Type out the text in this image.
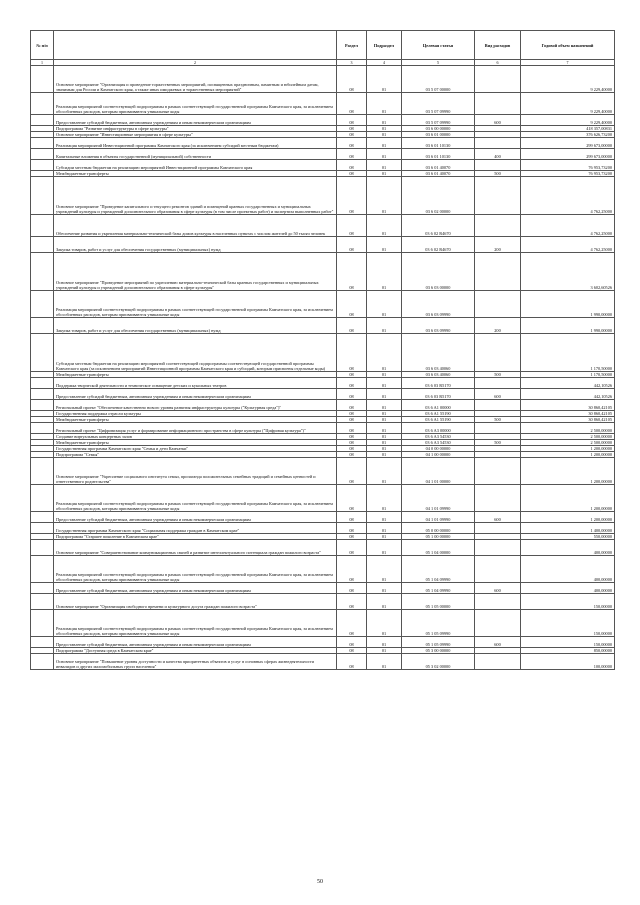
№ п/п		Раздел	Подраздел	Целевая статья	Вид расходов	Годовой объем назначений
1	2	3	4	5	6	7
	Основное мероприятие "Организация и проведение торжественных мероприятий, посвященных праздничным, памятным и юбилейным датам, значимым для России и Камчатского края, а также иных имиджевых и торжественных мероприятий"	08	01	03 5 07 00000		9 229,40000
	Реализация мероприятий соответствующей подпрограммы в рамках соответствующей государственной программы Камчатского края, за исключением обособленных расходов, которым присваиваются уникальные коды	08	01	03 5 07 09990		9 229,40000
	Предоставление субсидий бюджетным, автономным учреждениям и иным некоммерческим организациям	08	01	03 5 07 09990	600	9 229,40000
	Подпрограмма "Развитие инфраструктуры в сфере культуры"	08	01	03 6 00 00000		418 357,00831
	Основное мероприятие "Инвестиционные мероприятия в сфере культуры"	08	01	03 6 01 00000		376 626,73200
	Реализация мероприятий Инвестиционной программы Камчатского края (за исключением субсидий местным бюджетам)	08	01	03 6 01 10130		299 673,00000
	Капитальные вложения в объекты государственной (муниципальной) собственности	08	01	03 6 01 10130	400	299 673,00000
	Субсидии местным бюджетам на реализацию мероприятий Инвестиционной программы Камчатского края	08	01	03 6 01 40070		76 953,73200
	Межбюджетные трансферты	08	01	03 6 01 40070	500	76 953,73200
	Основное мероприятие "Проведение капитального и текущего ремонтов зданий и помещений краевых государственных и муниципальных учреждений культуры и учреждений дополнительного образования в сфере культуры (в том числе проектных работ) и экспертиза выполненных работ"	08	01	03 6 02 00000		4 762,25000
	Обеспечение развития и укрепления материально-технической базы домов культуры в населенных пунктах с числом жителей до 50 тысяч человек	08	01	03 6 02 R4670		4 762,25000
	Закупка товаров, работ и услуг для обеспечения государственных (муниципальных) нужд	08	01	03 6 02 R4670	200	4 762,25000
	Основное мероприятие "Проведение мероприятий по укреплению материально-технической базы краевых государственных и муниципальных учреждений культуры и учреждений дополнительного образования в сфере культуры"	08	01	03 6 03 00000		3 602,60526
	Реализация мероприятий соответствующей подпрограммы в рамках соответствующей государственной программы Камчатского края, за исключением обособленных расходов, которым присваиваются уникальные коды	08	01	03 6 03 09990		1 990,00000
	Закупка товаров, работ и услуг для обеспечения государственных (муниципальных) нужд	08	01	03 6 03 09990	200	1 990,00000
	Субсидии местным бюджетам на реализацию мероприятий соответствующей подпрограммы соответствующей государственной программы Камчатского края (за исключением мероприятий Инвестиционной программы Камчатского края и субсидий, которым присвоены отдельные коды)	08	01	03 6 03 40060		1 170,50000
	Межбюджетные трансферты	08	01	03 6 03 40060	500	1 170,50000
	Поддержка творческой деятельности и техническое оснащение детских и кукольных театров	08	01	03 6 03 R5170		442,10526
	Предоставление субсидий бюджетным, автономным учреждениям и иным некоммерческим организациям	08	01	03 6 03 R5170	600	442,10526
	Региональный проект "Обеспечение качественно нового уровня развития инфраструктуры культуры ("Культурная среда")"	08	01	03 6 A1 00000		30 860,42105
	Государственная поддержка отрасли культуры	08	01	03 6 A1 55190		30 860,42105
	Межбюджетные трансферты	08	01	03 6 A1 55190	500	30 860,42105
	Региональный проект "Цифровизация услуг и формирование информационного пространства в сфере культуры ("Цифровая культура")"	08	01	03 6 A3 00000		2 500,00000
	Создание виртуальных концертных залов	08	01	03 6 A3 54530		2 500,00000
	Межбюджетные трансферты	08	01	03 6 A3 54530	500	2 500,00000
	Государственная программа Камчатского края "Семья и дети Камчатки"	08	01	04 0 00 00000		1 200,00000
	Подпрограмма "Семья"	08	01	04 1 00 00000		1 200,00000
	Основное мероприятие "Укрепление социального института семьи, пропаганда положительных семейных традиций и семейных ценностей и ответственного родительства"	08	01	04 1 01 00000		1 200,00000
	Реализация мероприятий соответствующей подпрограммы в рамках соответствующей государственной программы Камчатского края, за исключением обособленных расходов, которым присваиваются уникальные коды	08	01	04 1 01 09990		1 200,00000
	Предоставление субсидий бюджетным, автономным учреждениям и иным некоммерческим организациям	08	01	04 1 01 09990	600	1 200,00000
	Государственная программа Камчатского края "Социальная поддержка граждан в Камчатском крае"	08	01	05 0 00 00000		1 400,00000
	Подпрограмма "Старшее поколение в Камчатском крае"	08	01	05 1 00 00000		550,00000
	Основное мероприятие "Совершенствование коммуникационных связей и развитие интеллектуального потенциала граждан пожилого возраста"	08	01	05 1 04 00000		400,00000
	Реализация мероприятий соответствующей подпрограммы в рамках соответствующей государственной программы Камчатского края, за исключением обособленных расходов, которым присваиваются уникальные коды	08	01	05 1 04 09990		400,00000
	Предоставление субсидий бюджетным, автономным учреждениям и иным некоммерческим организациям	08	01	05 1 04 09990	600	400,00000
	Основное мероприятие "Организация свободного времени и культурного досуга граждан пожилого возраста"	08	01	05 1 05 00000		150,00000
	Реализация мероприятий соответствующей подпрограммы в рамках соответствующей государственной программы Камчатского края, за исключением обособленных расходов, которым присваиваются уникальные коды	08	01	05 1 05 09990		150,00000
	Предоставление субсидий бюджетным, автономным учреждениям и иным некоммерческим организациям	08	01	05 1 05 09990	600	150,00000
	Подпрограмма "Доступная среда в Камчатском крае"	08	01	05 3 00 00000		850,00000
	Основное мероприятие "Повышение уровня доступности и качества приоритетных объектов и услуг в основных сферах жизнедеятельности инвалидов и других маломобильных групп населения"	08	01	05 3 02 00000		100,00000
50
